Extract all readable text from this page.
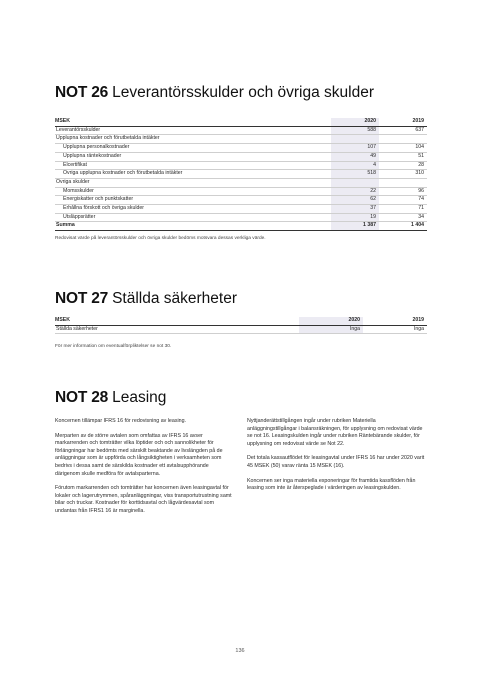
NOT 26 Leverantörsskulder och övriga skulder
MSEK	2020	2019
Leverantörsskulder	588	637
Upplupna kostnader och förutbetalda intäkter		
Upplupna personalkostnader	107	104
Upplupna räntekostnader	49	51
Elcertifikat	4	28
Övriga upplupna kostnader och förutbetalda intäkter	518	310
Övriga skulder		
Momsskulder	22	96
Energiskatter och punktskatter	62	74
Erhållna förskott och övriga skulder	37	71
Utsläppsrätter	19	34
Summa	1 387	1 404
Redovisat värde på leverantörsskulder och övriga skulder bedöms motsvara dessas verkliga värde.
NOT 27 Ställda säkerheter
MSEK	2020	2019
Ställda säkerheter	Inga	Inga
För mer information om eventualförpliktelser se not 30.
NOT 28 Leasing

Koncernen tillämpar IFRS 16 för redovisning av leasing.

Merparten av de större avtalen som omfattas av IFRS 16 avser markarrenden och tomträtter vilka löptider och och sannolikheter för förlängningar har bedömts med särskilt beaktande av livslängden på de anläggningar som är uppförda och långsiktigheten i verksamheten som bedrivs i dessa samt de särskilda kostnader ett avtalsupphörande därigenom skulle medföra för avtalsparterna.

Förutom markarrenden och tomträtter har koncernen även leasingavtal för lokaler och lagerutrymmen, spåranläggningar, viss transportutrustning samt bilar och truckar. Kostnader för korttidsavtal och lågvärdesavtal som undantas från IFRS1 16 är marginella.

Nyttjanderättstillgången ingår under rubriken Materiella anläggningstillgångar i balansräkningen, för upplysning om redovisat värde se not 16. Leasingskulden ingår under rubriken Räntebärande skulder, för upplysning om redovisat värde se Not 22.

Det totala kassautflödet för leasingavtal under IFRS 16 har under 2020 varit 45 MSEK (50) varav ränta 15 MSEK (16).

Koncernen ser inga materiella exponeringar för framtida kassflöden från leasing som inte är återspeglade i värderingen av leasingskulden.

136
